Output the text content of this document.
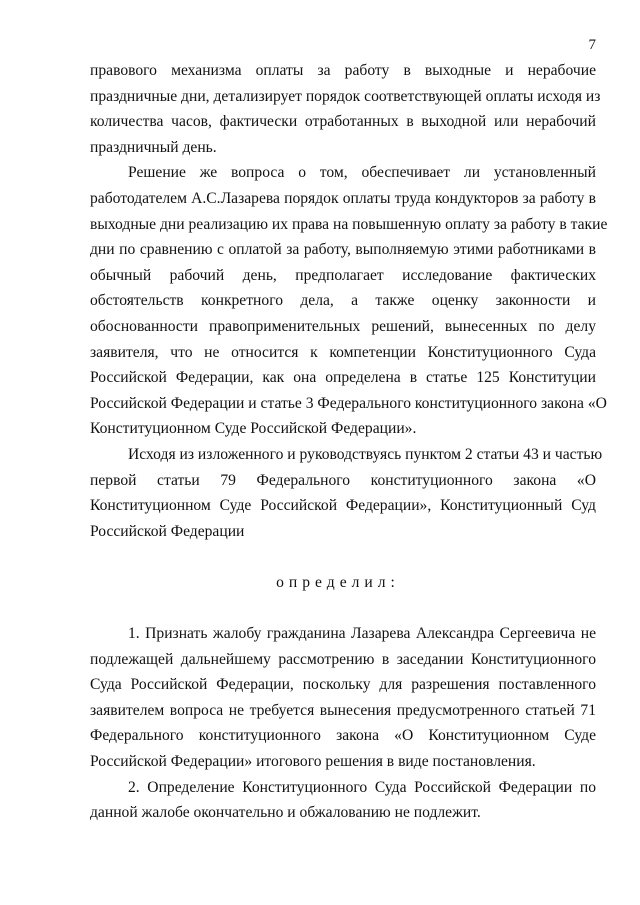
7

правового механизма оплаты за работу в выходные и нерабочие
праздничные дни, детализирует порядок соответствующей оплаты исходя из
количества часов, фактически отработанных в выходной или нерабочий
праздничный день.

Решение же вопроса о том, обеспечивает ли установленный
работодателем А.С.Лазарева порядок оплаты труда кондукторов за работу в
выходные дни реализацию их права на повышенную оплату за работу в такие
дни по сравнению с оплатой за работу, выполняемую этими работниками в
обычный рабочий день, предполагает исследование фактических
обстоятельств конкретного дела, а также оценку законности и
обоснованности правоприменительных решений, вынесенных по делу
заявителя, что не относится к компетенции Конституционного Суда
Российской Федерации, как она определена в статье 125 Конституции
Российской Федерации и статье 3 Федерального конституционного закона «О
Конституционном Суде Российской Федерации».

Исходя из изложенного и руководствуясь пунктом 2 статьи 43 и частью
первой статьи 79 Федерального конституционного закона «О
Конституционном Суде Российской Федерации», Конституционный Суд
Российской Федерации

определил:

1. Признать жалобу гражданина Лазарева Александра Сергеевича не
подлежащей дальнейшему рассмотрению в заседании Конституционного
Суда Российской Федерации, поскольку для разрешения поставленного
заявителем вопроса не требуется вынесения предусмотренного статьей 71
Федерального конституционного закона «О Конституционном Суде
Российской Федерации» итогового решения в виде постановления.

2. Определение Конституционного Суда Российской Федерации по
данной жалобе окончательно и обжалованию не подлежит.
